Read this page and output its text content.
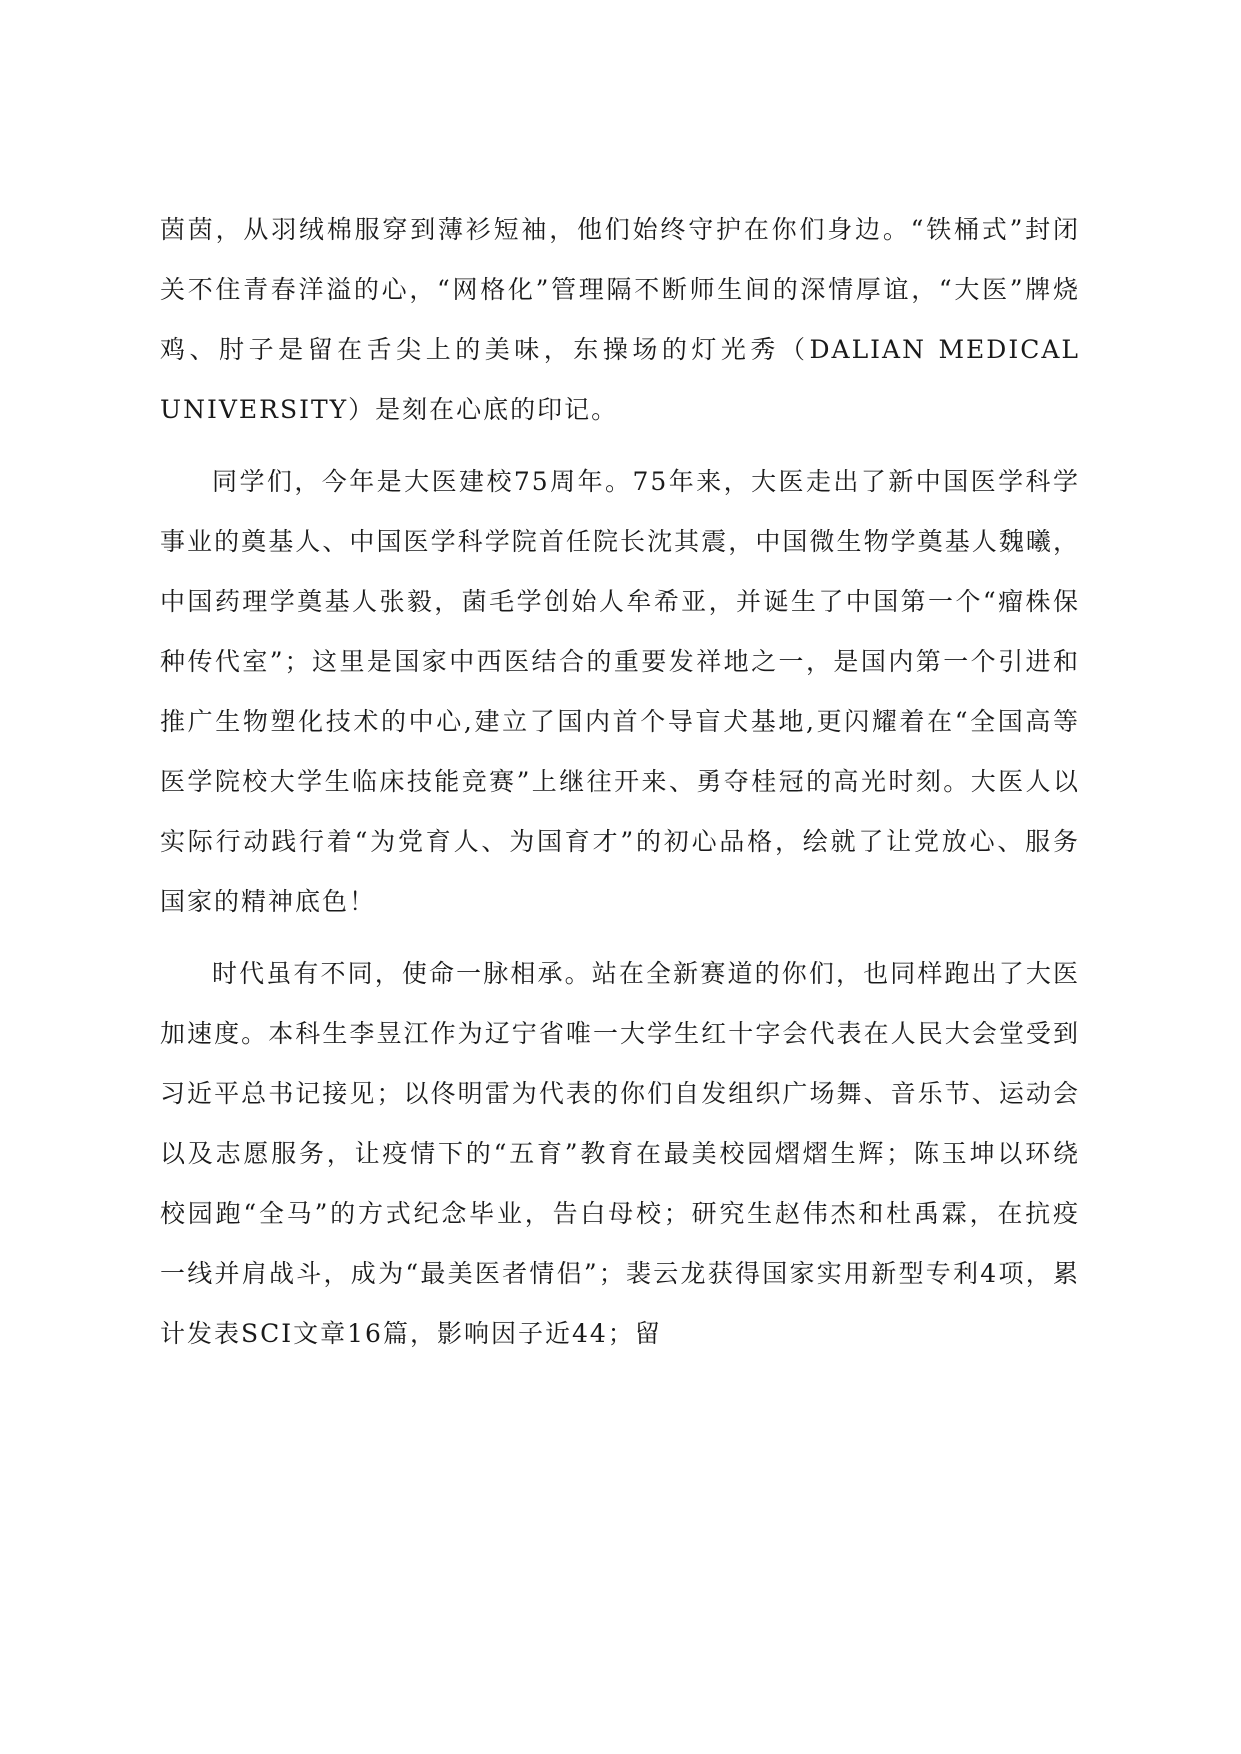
茵茵，从羽绒棉服穿到薄衫短袖，他们始终守护在你们身边。“铁桶式”封闭关不住青春洋溢的心，“网格化”管理隔不断师生间的深情厚谊，“大医”牌烧鸡、肘子是留在舌尖上的美味，东操场的灯光秀（DALIAN MEDICAL UNIVERSITY）是刻在心底的印记。

同学们，今年是大医建校75周年。75年来，大医走出了新中国医学科学事业的奠基人、中国医学科学院首任院长沈其震，中国微生物学奠基人魏曦，中国药理学奠基人张毅，菌毛学创始人牟希亚，并诞生了中国第一个“瘤株保种传代室”；这里是国家中西医结合的重要发祥地之一，是国内第一个引进和推广生物塑化技术的中心,建立了国内首个导盲犬基地,更闪耀着在“全国高等医学院校大学生临床技能竞赛”上继往开来、勇夺桂冠的高光时刻。大医人以实际行动践行着“为党育人、为国育才”的初心品格，绘就了让党放心、服务国家的精神底色！

时代虽有不同，使命一脉相承。站在全新赛道的你们，也同样跑出了大医加速度。本科生李昱江作为辽宁省唯一大学生红十字会代表在人民大会堂受到习近平总书记接见；以佟明雷为代表的你们自发组织广场舞、音乐节、运动会以及志愿服务，让疫情下的“五育”教育在最美校园熠熠生辉；陈玉坤以环绕校园跑“全马”的方式纪念毕业，告白母校；研究生赵伟杰和杜禹霖，在抗疫一线并肩战斗，成为“最美医者情侣”；裴云龙获得国家实用新型专利4项，累计发表SCI文章16篇，影响因子近44；留
